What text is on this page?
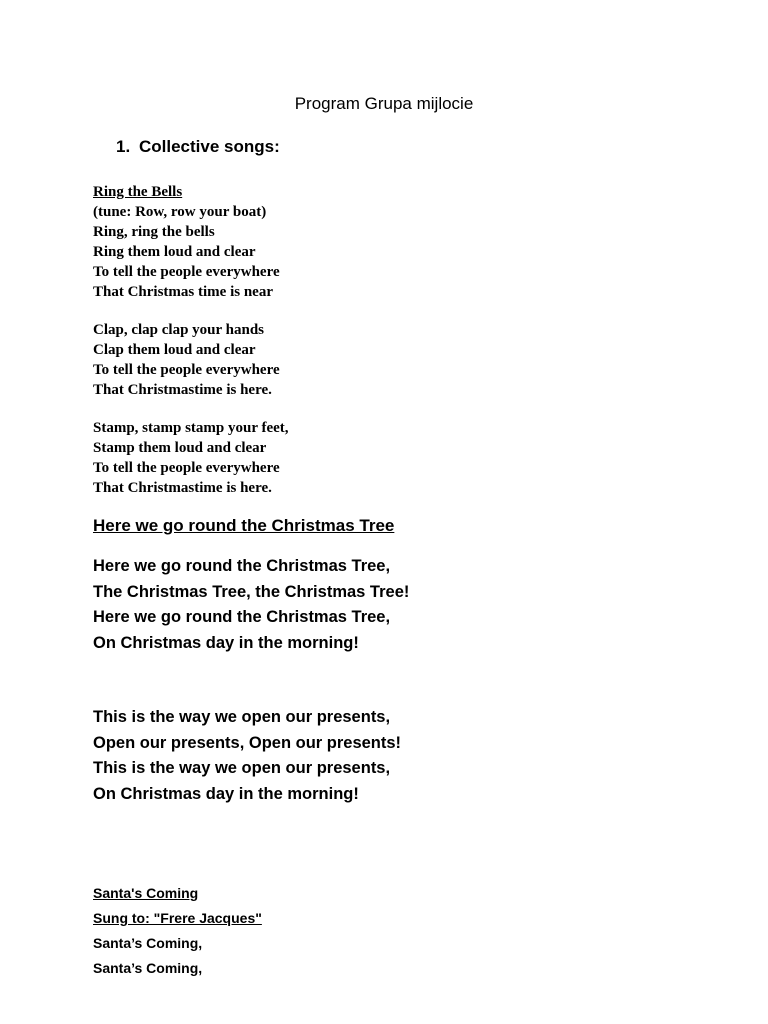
Program Grupa mijlocie
1. Collective songs:
Ring the Bells
(tune: Row, row your boat)
Ring, ring the bells
Ring them loud and clear
To tell the people everywhere
That Christmas time is near
Clap, clap clap your hands
Clap them loud and clear
To tell the people everywhere
That Christmastime is here.
Stamp, stamp stamp your feet,
Stamp them loud and clear
To tell the people everywhere
That Christmastime is here.
Here we go round the Christmas Tree
Here we go round the Christmas Tree,
The Christmas Tree, the Christmas Tree!
Here we go round the Christmas Tree,
On Christmas day in the morning!
This is the way we open our presents,
Open our presents, Open our presents!
This is the way we open our presents,
On Christmas day in the morning!
Santa's Coming
Sung to: "Frere Jacques"
Santa’s Coming,
Santa’s Coming,
